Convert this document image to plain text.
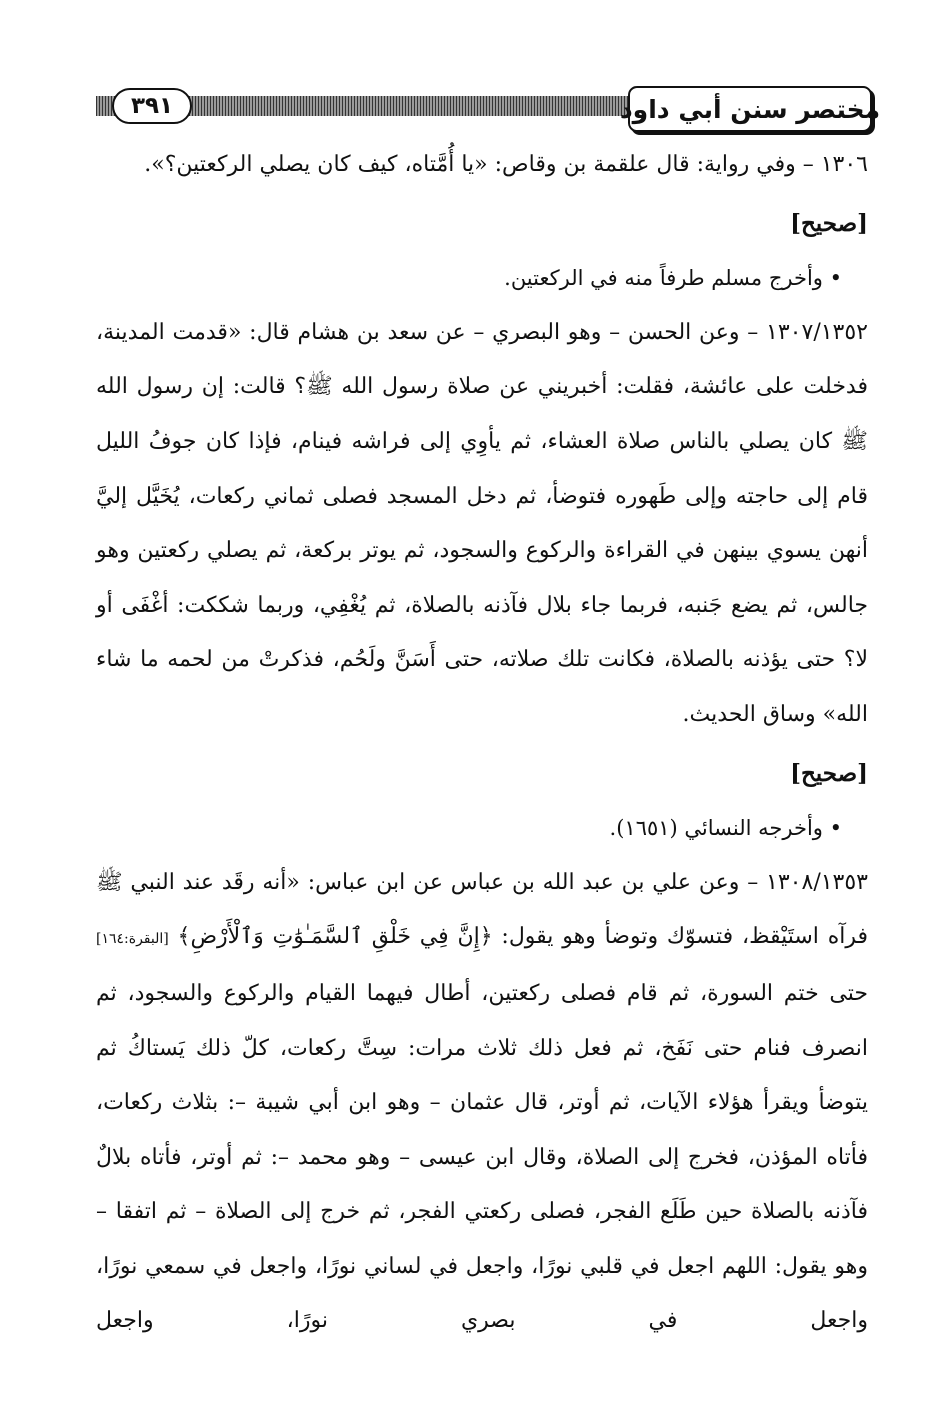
٣٩١	مختصر سنن أبي داود

١٣٠٦ – وفي رواية: قال علقمة بن وقاص: «يا أُمَّتاه، كيف كان يصلي الركعتين؟».

[صحيح]

• وأخرج مسلم طرفاً منه في الركعتين.

١٣٠٧/١٣٥٢ – وعن الحسن – وهو البصري – عن سعد بن هشام قال: «قدمت المدينة، فدخلت على عائشة، فقلت: أخبريني عن صلاة رسول الله ﷺ؟ قالت: إن رسول الله ﷺ كان يصلي بالناس صلاة العشاء، ثم يأوِي إلى فراشه فينام، فإذا كان جوفُ الليل قام إلى حاجته وإلى طَهوره فتوضأ، ثم دخل المسجد فصلى ثماني ركعات، يُخَيَّل إليَّ أنهن يسوي بينهن في القراءة والركوع والسجود، ثم يوتر بركعة، ثم يصلي ركعتين وهو جالس، ثم يضع جَنبه، فربما جاء بلال فآذنه بالصلاة، ثم يُغْفِي، وربما شككت: أغْفَى أو لا؟ حتى يؤذنه بالصلاة، فكانت تلك صلاته، حتى أَسَنَّ ولَحُم، فذكرتْ من لحمه ما شاء الله» وساق الحديث.

[صحيح]

• وأخرجه النسائي (١٦٥١).

١٣٠٨/١٣٥٣ – وعن علي بن عبد الله بن عباس عن ابن عباس: «أنه رقَد عند النبي ﷺ فرآه استَيْقظ، فتسوّك وتوضأ وهو يقول: ﴿إِنَّ فِي خَلْقِ ٱلسَّمَـٰوَٰتِ وَٱلْأَرْضِ﴾ [البقرة:١٦٤] حتى ختم السورة، ثم قام فصلى ركعتين، أطال فيهما القيام والركوع والسجود، ثم انصرف فنام حتى نَفَخ، ثم فعل ذلك ثلاث مرات: سِتَّ ركعات، كلّ ذلك يَستاكُ ثم يتوضأ ويقرأ هؤلاء الآيات، ثم أوتر، قال عثمان – وهو ابن أبي شيبة –: بثلاث ركعات، فأتاه المؤذن، فخرج إلى الصلاة، وقال ابن عيسى – وهو محمد –: ثم أوتر، فأتاه بلالٌ فآذنه بالصلاة حين طَلَع الفجر، فصلى ركعتي الفجر، ثم خرج إلى الصلاة – ثم اتفقا – وهو يقول: اللهم اجعل في قلبي نورًا، واجعل في لساني نورًا، واجعل في سمعي نورًا، واجعل في بصري نورًا، واجعل
